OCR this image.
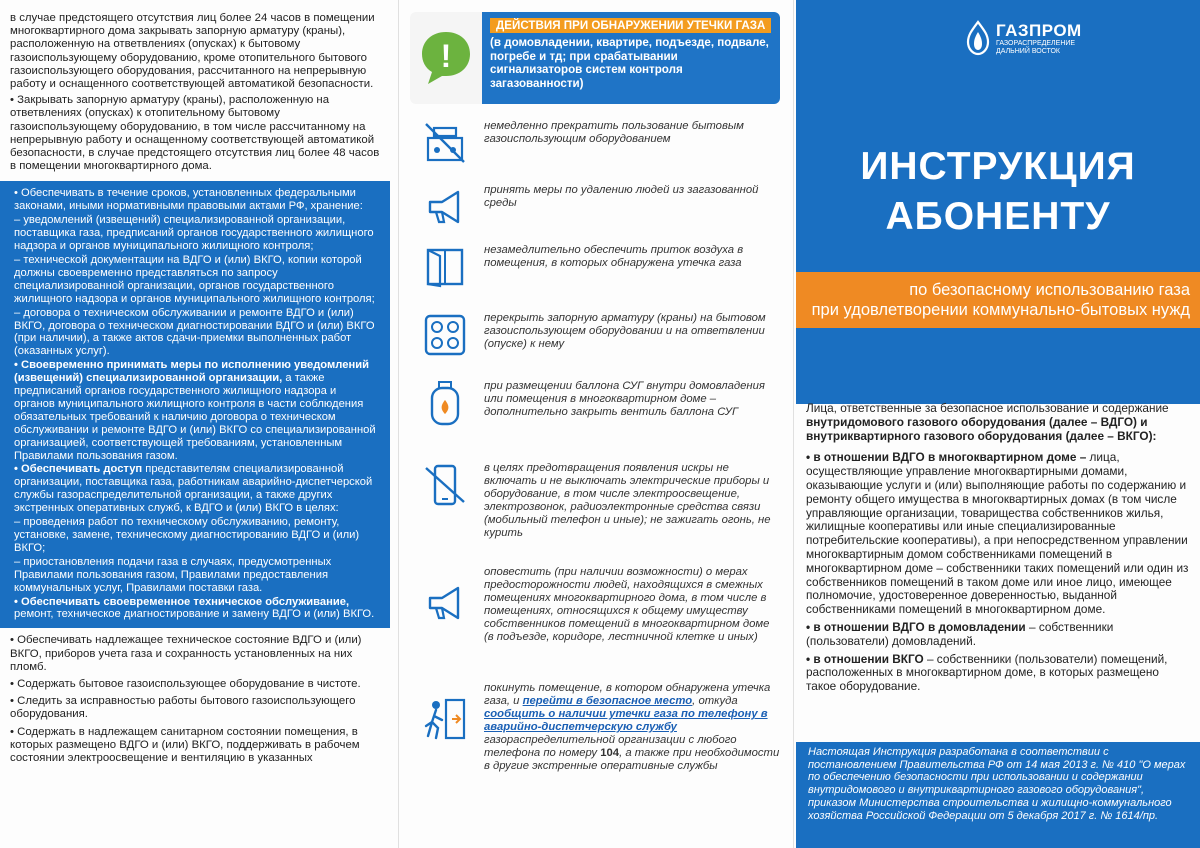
в случае предстоящего отсутствия лиц более 24 часов в помещении многоквартирного дома закрывать запорную арматуру (краны), расположенную на ответвлениях (опусках) к бытовому газоиспользующему оборудованию, кроме отопительного бытового газоиспользующего оборудования, рассчитанного на непрерывную работу и оснащенного соответствующей автоматикой безопасности.

• Закрывать запорную арматуру (краны), расположенную на ответвлениях (опусках) к отопительному бытовому газоиспользующему оборудованию, в том числе рассчитанному на непрерывную работу и оснащенному соответствующей автоматикой безопасности, в случае предстоящего отсутствия лиц более 48 часов в помещении многоквартирного дома.

• Обеспечивать в течение сроков, установленных федеральными законами, иными нормативными правовыми актами РФ, хранение:

– уведомлений (извещений) специализированной организации, поставщика газа, предписаний органов государственного жилищного надзора и органов муниципального жилищного контроля;

– технической документации на ВДГО и (или) ВКГО, копии которой должны своевременно представляться по запросу специализированной организации, органов государственного жилищного надзора и органов муниципального жилищного контроля;

– договора о техническом обслуживании и ремонте ВДГО и (или) ВКГО, договора о техническом диагностировании ВДГО и (или) ВКГО (при наличии), а также актов сдачи-приемки выполненных работ (оказанных услуг).

• Своевременно принимать меры по исполнению уведомлений (извещений) специализированной организации, а также предписаний органов государственного жилищного надзора и органов муниципального жилищного контроля в части соблюдения обязательных требований к наличию договора о техническом обслуживании и ремонте ВДГО и (или) ВКГО со специализированной организацией, соответствующей требованиям, установленным Правилами пользования газом.

• Обеспечивать доступ представителям специализированной организации, поставщика газа, работникам аварийно-диспетчерской службы газораспределительной организации, а также других экстренных оперативных служб, к ВДГО и (или) ВКГО в целях:

– проведения работ по техническому обслуживанию, ремонту, установке, замене, техническому диагностированию ВДГО и (или) ВКГО;

– приостановления подачи газа в случаях, предусмотренных Правилами пользования газом, Правилами предоставления коммунальных услуг, Правилами поставки газа.

• Обеспечивать своевременное техническое обслуживание, ремонт, техническое диагностирование и замену ВДГО и (или) ВКГО.

• Обеспечивать надлежащее техническое состояние ВДГО и (или) ВКГО, приборов учета газа и сохранность установленных на них пломб.

• Содержать бытовое газоиспользующее оборудование в чистоте.

• Следить за исправностью работы бытового газоиспользующего оборудования.

• Содержать в надлежащем санитарном состоянии помещения, в которых размещено ВДГО и (или) ВКГО, поддерживать в рабочем состоянии электроосвещение и вентиляцию в указанных

!
ДЕЙСТВИЯ ПРИ ОБНАРУЖЕНИИ УТЕЧКИ ГАЗА
(в домовладении, квартире, подъезде, подвале, погребе и тд; при срабатывании сигнализаторов систем контроля загазованности)
немедленно прекратить пользование бытовым газоиспользующим оборудованием
принять меры по удалению людей из загазованной среды
незамедлительно обеспечить приток воздуха в помещения, в которых обнаружена утечка газа
перекрыть запорную арматуру (краны) на бытовом газоиспользующем оборудовании и на ответвлении (опуске) к нему
при размещении баллона СУГ внутри домовладения или помещения в многоквартирном доме – дополнительно закрыть вентиль баллона СУГ
в целях предотвращения появления искры не включать и не выключать электрические приборы и оборудование, в том числе электроосвещение, электрозвонок, радиоэлектронные средства связи (мобильный телефон и иные); не зажигать огонь, не курить
оповестить (при наличии возможности) о мерах предосторожности людей, находящихся в смежных помещениях многоквартирного дома, в том числе в помещениях, относящихся к общему имуществу собственников помещений в многоквартирном доме (в подъезде, коридоре, лестничной клетке и иных)
покинуть помещение, в котором обнаружена утечка газа, и перейти в безопасное место, откуда сообщить о наличии утечки газа по телефону в аварийно-диспетчерскую службу газораспределительной организации с любого телефона по номеру 104, а также при необходимости в другие экстренные оперативные службы
ГАЗПРОМ
ГАЗОРАСПРЕДЕЛЕНИЕ
ДАЛЬНИЙ ВОСТОК
ИНСТРУКЦИЯ
АБОНЕНТУ
по безопасному использованию газа
при удовлетворении коммунально-бытовых нужд

Лица, ответственные за безопасное использование и содержание внутридомового газового оборудования (далее – ВДГО) и внутриквартирного газового оборудования (далее – ВКГО):

• в отношении ВДГО в многоквартирном доме – лица, осуществляющие управление многоквартирными домами, оказывающие услуги и (или) выполняющие работы по содержанию и ремонту общего имущества в многоквартирных домах (в том числе управляющие организации, товарищества собственников жилья, жилищные кооперативы или иные специализированные потребительские кооперативы), а при непосредственном управлении многоквартирным домом собственниками помещений в многоквартирном доме – собственники таких помещений или один из собственников помещений в таком доме или иное лицо, имеющее полномочие, удостоверенное доверенностью, выданной собственниками помещений в многоквартирном доме.

• в отношении ВДГО в домовладении – собственники (пользователи) домовладений.

• в отношении ВКГО – собственники (пользователи) помещений, расположенных в многоквартирном доме, в которых размещено такое оборудование.

Настоящая Инструкция разработана в соответствии с постановлением Правительства РФ от 14 мая 2013 г. № 410 "О мерах по обеспечению безопасности при использовании и содержании внутридомового и внутриквартирного газового оборудования", приказом Министерства строительства и жилищно-коммунального хозяйства Российской Федерации от 5 декабря 2017 г. № 1614/пр.
